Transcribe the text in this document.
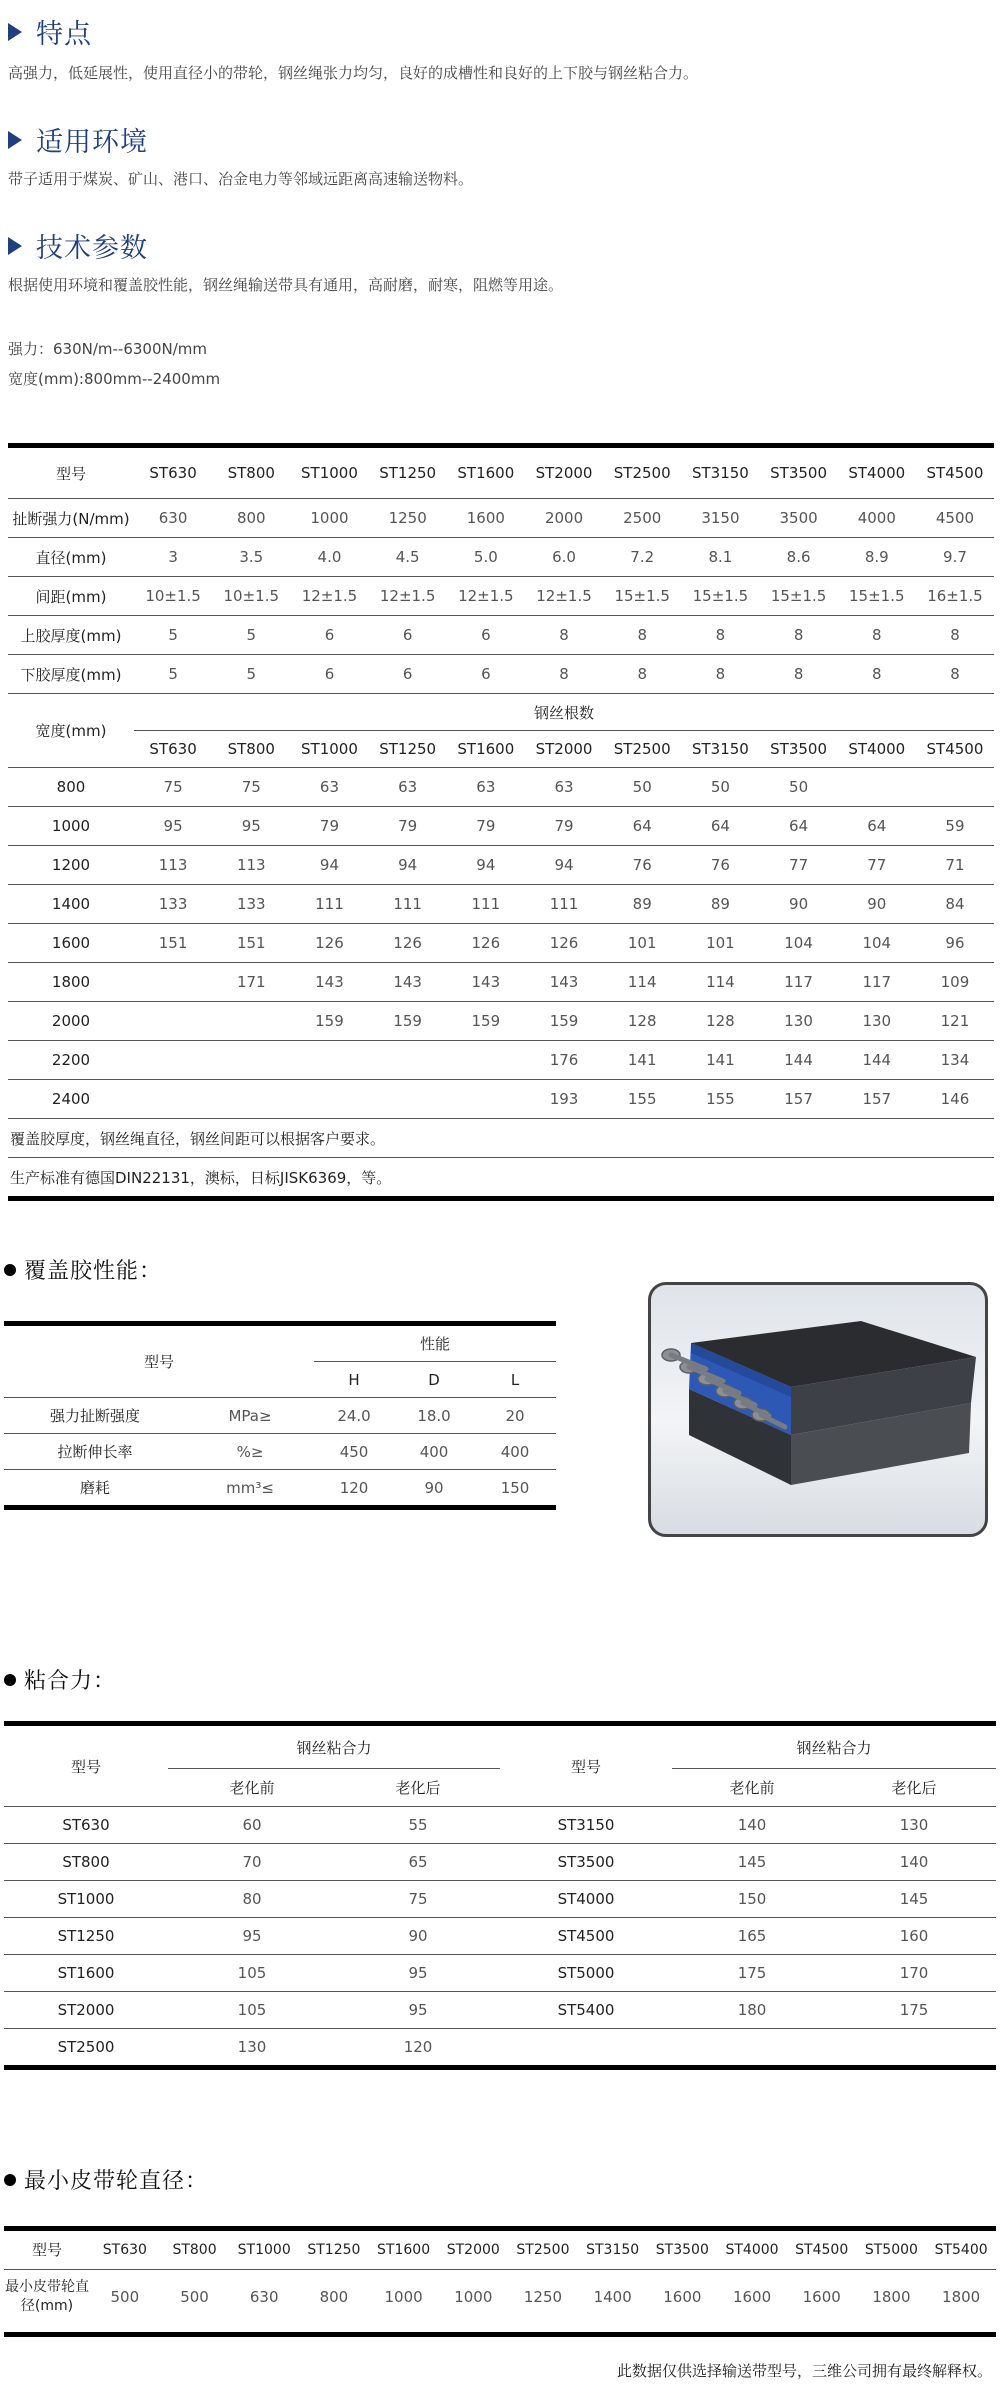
特点
高强力，低延展性，使用直径小的带轮，钢丝绳张力均匀，良好的成槽性和良好的上下胶与钢丝粘合力。
适用环境
带子适用于煤炭、矿山、港口、冶金电力等邻域远距离高速输送物料。
技术参数
根据使用环境和覆盖胶性能，钢丝绳输送带具有通用，高耐磨，耐寒，阻燃等用途。
强力：630N/m--6300N/mm
宽度(mm):800mm--2400mm
型号	ST630	ST800	ST1000	ST1250	ST1600	ST2000	ST2500	ST3150	ST3500	ST4000	ST4500
扯断强力(N/mm)	630	800	1000	1250	1600	2000	2500	3150	3500	4000	4500
直径(mm)	3	3.5	4.0	4.5	5.0	6.0	7.2	8.1	8.6	8.9	9.7
间距(mm)	10±1.5	10±1.5	12±1.5	12±1.5	12±1.5	12±1.5	15±1.5	15±1.5	15±1.5	15±1.5	16±1.5
上胶厚度(mm)	5	5	6	6	6	8	8	8	8	8	8
下胶厚度(mm)	5	5	6	6	6	8	8	8	8	8	8
宽度(mm)	钢丝根数										
	ST630	ST800	ST1000	ST1250	ST1600	ST2000	ST2500	ST3150	ST3500	ST4000	ST4500
800	75	75	63	63	63	63	50	50	50		
1000	95	95	79	79	79	79	64	64	64	64	59
1200	113	113	94	94	94	94	76	76	77	77	71
1400	133	133	111	111	111	111	89	89	90	90	84
1600	151	151	126	126	126	126	101	101	104	104	96
1800		171	143	143	143	143	114	114	117	117	109
2000			159	159	159	159	128	128	130	130	121
2200						176	141	141	144	144	134
2400						193	155	155	157	157	146
覆盖胶厚度，钢丝绳直径，钢丝间距可以根据客户要求。											
生产标准有德国DIN22131，澳标，日标JISK6369，等。											
覆盖胶性能：
型号		性能		
		H	D	L
强力扯断强度	MPa≥	24.0	18.0	20
拉断伸长率	%≥	450	400	400
磨耗	mm³≤	120	90	150
粘合力：
型号	钢丝粘合力		型号	钢丝粘合力	
	老化前	老化后		老化前	老化后
ST630	60	55	ST3150	140	130
ST800	70	65	ST3500	145	140
ST1000	80	75	ST4000	150	145
ST1250	95	90	ST4500	165	160
ST1600	105	95	ST5000	175	170
ST2000	105	95	ST5400	180	175
ST2500	130	120			
最小皮带轮直径：
型号	ST630	ST800	ST1000	ST1250	ST1600	ST2000	ST2500	ST3150	ST3500	ST4000	ST4500	ST5000	ST5400
最小皮带轮直径(mm)	500	500	630	800	1000	1000	1250	1400	1600	1600	1600	1800	1800
此数据仅供选择输送带型号，三维公司拥有最终解释权。
